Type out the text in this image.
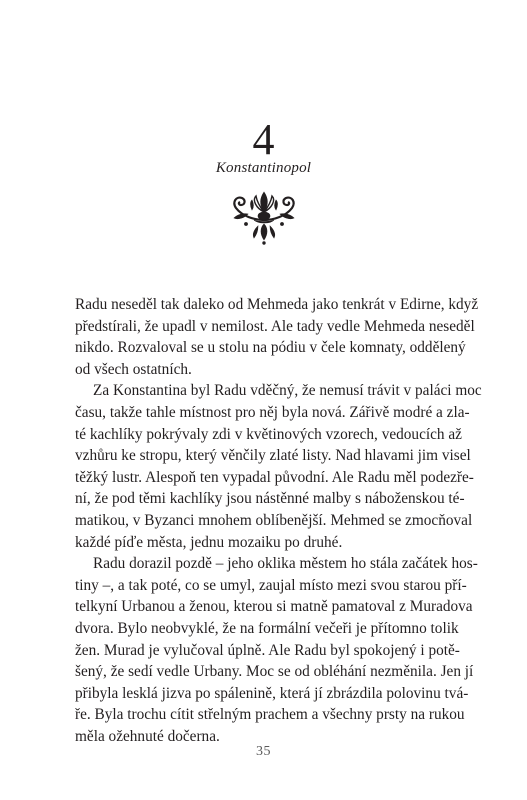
4
Konstantinopol

Radu neseděl tak daleko od Mehmeda jako tenkrát v Edirne, když
předstírali, že upadl v nemilost. Ale tady vedle Mehmeda neseděl
nikdo. Rozvaloval se u stolu na pódiu v čele komnaty, oddělený
od všech ostatních.

Za Konstantina byl Radu vděčný, že nemusí trávit v paláci moc
času, takže tahle místnost pro něj byla nová. Zářivě modré a zla-
té kachlíky pokrývaly zdi v květinových vzorech, vedoucích až
vzhůru ke stropu, který věnčily zlaté listy. Nad hlavami jim visel
těžký lustr. Alespoň ten vypadal původní. Ale Radu měl podezře-
ní, že pod těmi kachlíky jsou nástěnné malby s náboženskou té-
matikou, v Byzanci mnohem oblíbenější. Mehmed se zmocňoval
každé píďe města, jednu mozaiku po druhé.

Radu dorazil pozdě – jeho oklika městem ho stála začátek hos-
tiny –, a tak poté, co se umyl, zaujal místo mezi svou starou pří-
telkyní Urbanou a ženou, kterou si matně pamatoval z Muradova
dvora. Bylo neobvyklé, že na formální večeři je přítomno tolik
žen. Murad je vylučoval úplně. Ale Radu byl spokojený i potě-
šený, že sedí vedle Urbany. Moc se od obléhání nezměnila. Jen jí
přibyla lesklá jizva po spálenině, která jí zbrázdila polovinu tvá-
ře. Byla trochu cítit střelným prachem a všechny prsty na rukou
měla ožehnuté dočerna.

35
